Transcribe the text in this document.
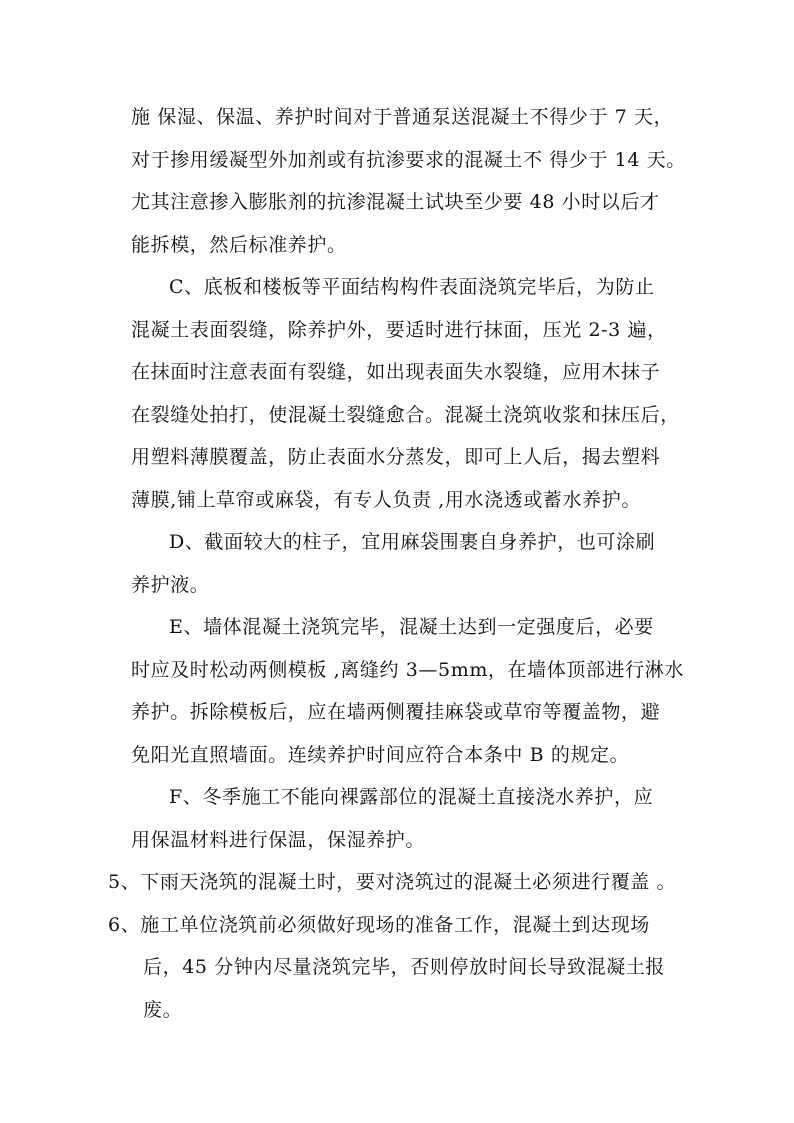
施 保湿、保温、养护时间对于普通泵送混凝土不得少于 7 天，
对于掺用缓凝型外加剂或有抗渗要求的混凝土不 得少于 14 天。
尤其注意掺入膨胀剂的抗渗混凝土试块至少要 48 小时以后才
能拆模，然后标准养护。
C、底板和楼板等平面结构构件表面浇筑完毕后，为防止
混凝土表面裂缝，除养护外，要适时进行抹面，压光 2-3 遍，
在抹面时注意表面有裂缝，如出现表面失水裂缝，应用木抹子
在裂缝处拍打，使混凝土裂缝愈合。混凝土浇筑收浆和抹压后，
用塑料薄膜覆盖，防止表面水分蒸发，即可上人后，揭去塑料
薄膜,铺上草帘或麻袋，有专人负责 ,用水浇透或蓄水养护。
D、截面较大的柱子，宜用麻袋围裹自身养护，也可涂刷
养护液。
E、墙体混凝土浇筑完毕，混凝土达到一定强度后，必要
时应及时松动两侧模板 ,离缝约 3—5mm，在墙体顶部进行淋水
养护。拆除模板后，应在墙两侧覆挂麻袋或草帘等覆盖物，避
免阳光直照墙面。连续养护时间应符合本条中 B 的规定。
F、冬季施工不能向裸露部位的混凝土直接浇水养护，应
用保温材料进行保温，保湿养护。
5、下雨天浇筑的混凝土时，要对浇筑过的混凝土必须进行覆盖 。
6、施工单位浇筑前必须做好现场的准备工作，混凝土到达现场
后，45 分钟内尽量浇筑完毕，否则停放时间长导致混凝土报
废。
